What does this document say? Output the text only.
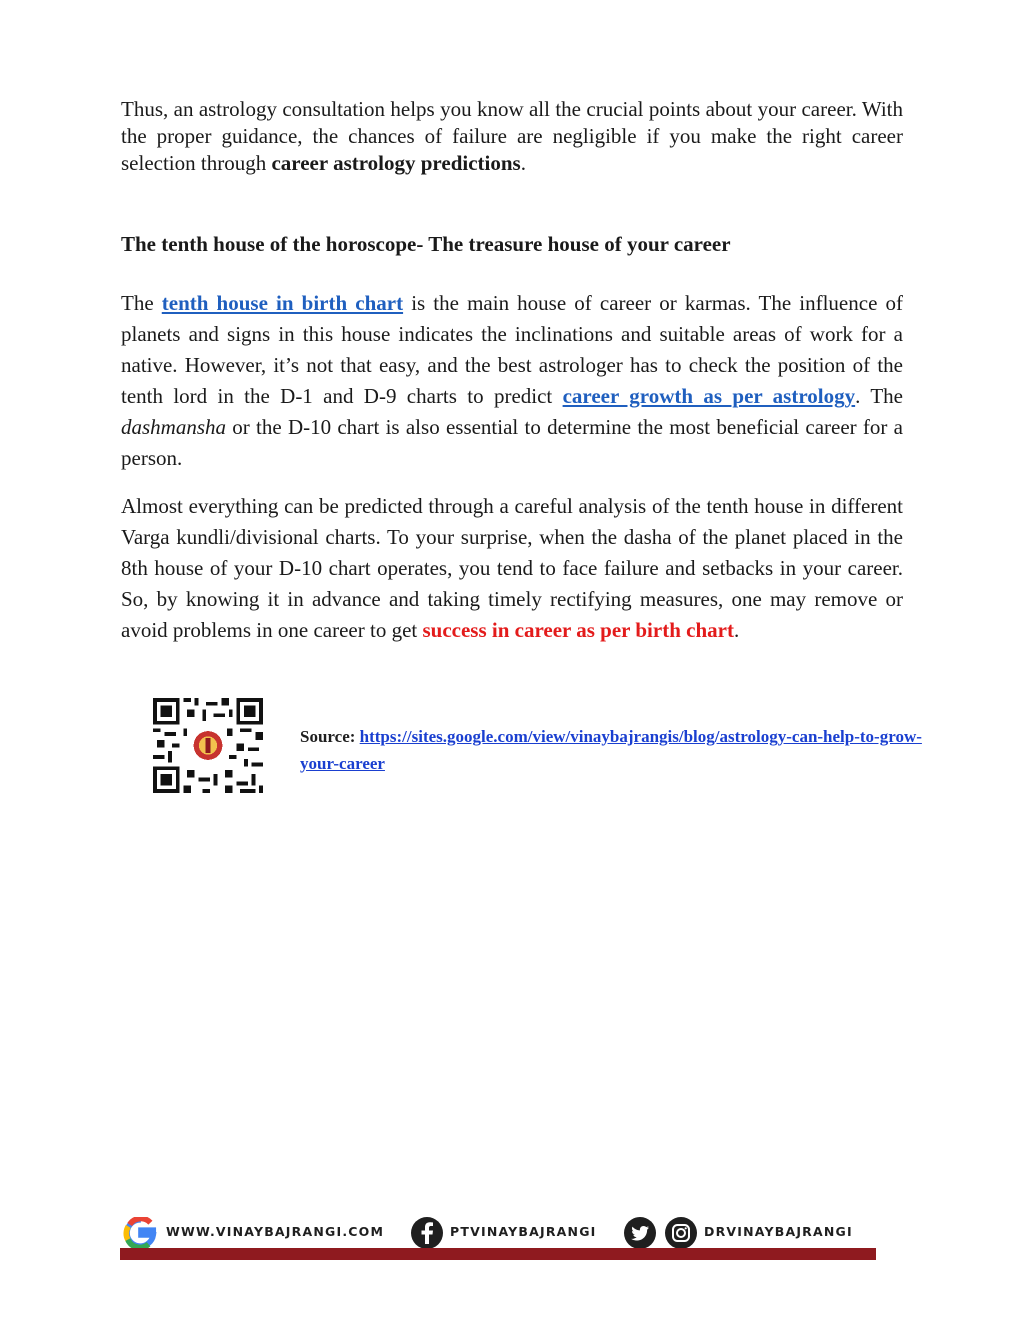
Thus, an astrology consultation helps you know all the crucial points about your career. With the proper guidance, the chances of failure are negligible if you make the right career selection through career astrology predictions.

The tenth house of the horoscope- The treasure house of your career

The tenth house in birth chart is the main house of career or karmas. The influence of planets and signs in this house indicates the inclinations and suitable areas of work for a native. However, it’s not that easy, and the best astrologer has to check the position of the tenth lord in the D-1 and D-9 charts to predict career growth as per astrology. The dashmansha or the D-10 chart is also essential to determine the most beneficial career for a person.

Almost everything can be predicted through a careful analysis of the tenth house in different Varga kundli/divisional charts. To your surprise, when the dasha of the planet placed in the 8th house of your D-10 chart operates, you tend to face failure and setbacks in your career. So, by knowing it in advance and taking timely rectifying measures, one may remove or avoid problems in one career to get success in career as per birth chart.

Source: https://sites.google.com/view/vinaybajrangis/blog/astrology-can-help-to-grow-your-career

WWW.VINAYBAJRANGI.COM	PTVINAYBAJRANGI	DRVINAYBAJRANGI
